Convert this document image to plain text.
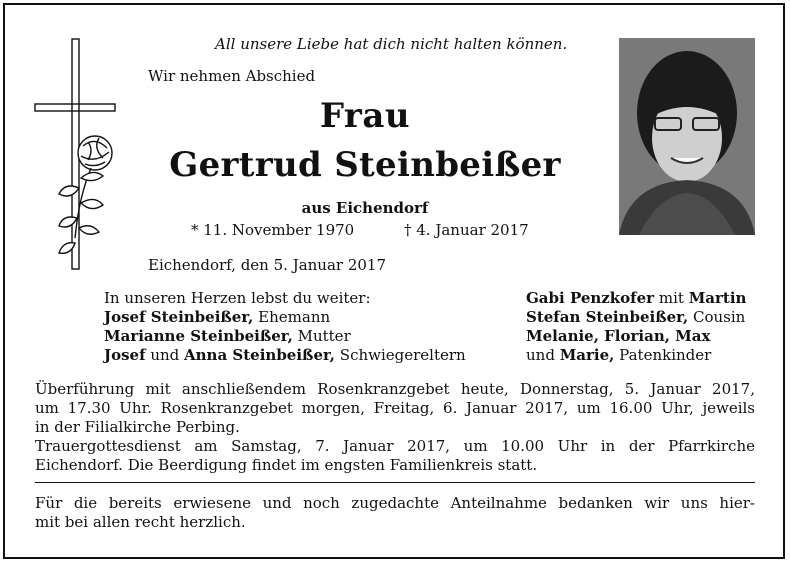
All unsere Liebe hat dich nicht halten können.
Wir nehmen Abschied
Frau
Gertrud Steinbeißer
aus Eichendorf
* 11. November 1970	† 4. Januar 2017
Eichendorf, den 5. Januar 2017
In unseren Herzen lebst du weiter:
Josef Steinbeißer, Ehemann
Marianne Steinbeißer, Mutter
Josef und Anna Steinbeißer, Schwiegereltern
Gabi Penzkofer mit Martin
Stefan Steinbeißer, Cousin
Melanie, Florian, Max
und Marie, Patenkinder
Überführung mit anschließendem Rosenkranzgebet heute, Donnerstag, 5. Januar 2017,
um 17.30 Uhr. Rosenkranzgebet morgen, Freitag, 6. Januar 2017, um 16.00 Uhr, jeweils
in der Filialkirche Perbing.
Trauergottesdienst am Samstag, 7. Januar 2017, um 10.00 Uhr in der Pfarrkirche
Eichendorf. Die Beerdigung findet im engsten Familienkreis statt.
Für die bereits erwiesene und noch zugedachte Anteilnahme bedanken wir uns hier-
mit bei allen recht herzlich.
